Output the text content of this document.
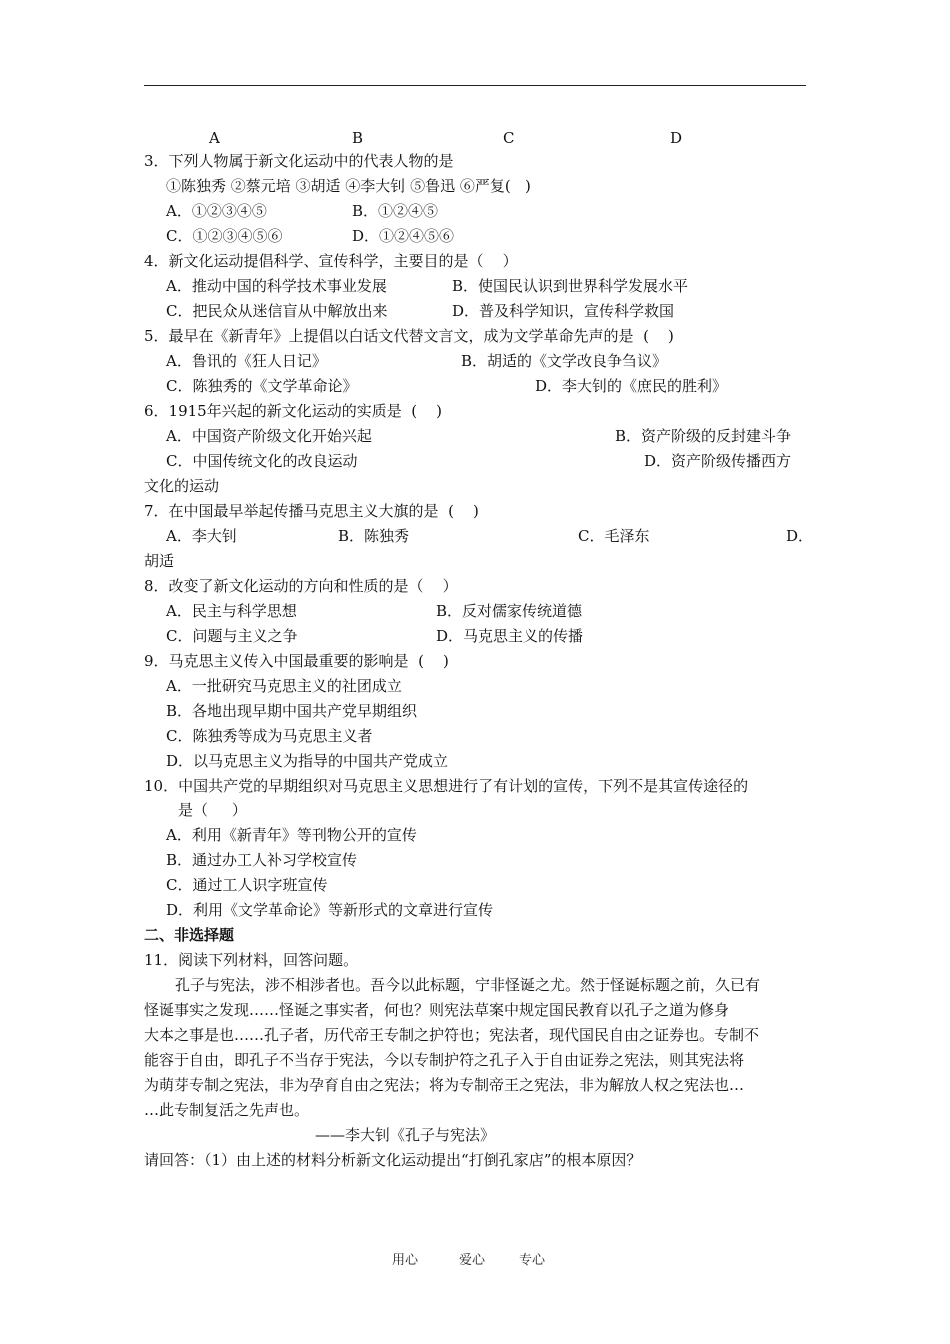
A	B	C	D
3．下列人物属于新文化运动中的代表人物的是
①陈独秀 ②蔡元培 ③胡适 ④李大钊 ⑤鲁迅 ⑥严复(   )
A．①②③④⑤	B．①②④⑤
C．①②③④⑤⑥	D．①②④⑤⑥
4．新文化运动提倡科学、宣传科学，主要目的是（    ）
A．推动中国的科学技术事业发展	B．使国民认识到世界科学发展水平
C．把民众从迷信盲从中解放出来	D．普及科学知识，宣传科学救国
5．最早在《新青年》上提倡以白话文代替文言文，成为文学革命先声的是  (    )
A．鲁讯的《狂人日记》	B．胡适的《文学改良争刍议》
C．陈独秀的《文学革命论》	D．李大钊的《庶民的胜利》
6．1915年兴起的新文化运动的实质是  (    )
A．中国资产阶级文化开始兴起	B．资产阶级的反封建斗争
C．中国传统文化的改良运动	D．资产阶级传播西方
文化的运动
7．在中国最早举起传播马克思主义大旗的是  (    )
A．李大钊	B．陈独秀	C．毛泽东	D．
胡适
8．改变了新文化运动的方向和性质的是（    ）
A．民主与科学思想	B．反对儒家传统道德
C．问题与主义之争	D．马克思主义的传播
9．马克思主义传入中国最重要的影响是  (    )
A．一批研究马克思主义的社团成立
B．各地出现早期中国共产党早期组织
C．陈独秀等成为马克思主义者
D．以马克思主义为指导的中国共产党成立
10．中国共产党的早期组织对马克思主义思想进行了有计划的宣传，下列不是其宣传途径的
是（     ）
A．利用《新青年》等刊物公开的宣传
B．通过办工人补习学校宣传
C．通过工人识字班宣传
D．利用《文学革命论》等新形式的文章进行宣传
二、非选择题
11．阅读下列材料，回答问题。
孔子与宪法，涉不相涉者也。吾今以此标题，宁非怪诞之尤。然于怪诞标题之前，久已有
怪诞事实之发现……怪诞之事实者，何也？则宪法草案中规定国民教育以孔子之道为修身
大本之事是也……孔子者，历代帝王专制之护符也；宪法者，现代国民自由之证券也。专制不
能容于自由，即孔子不当存于宪法，今以专制护符之孔子入于自由证券之宪法，则其宪法将
为萌芽专制之宪法，非为孕育自由之宪法；将为专制帝王之宪法，非为解放人权之宪法也…
…此专制复活之先声也。
——李大钊《孔子与宪法》
请回答：（1）由上述的材料分析新文化运动提出“打倒孔家店”的根本原因？
用心	爱心	专心
